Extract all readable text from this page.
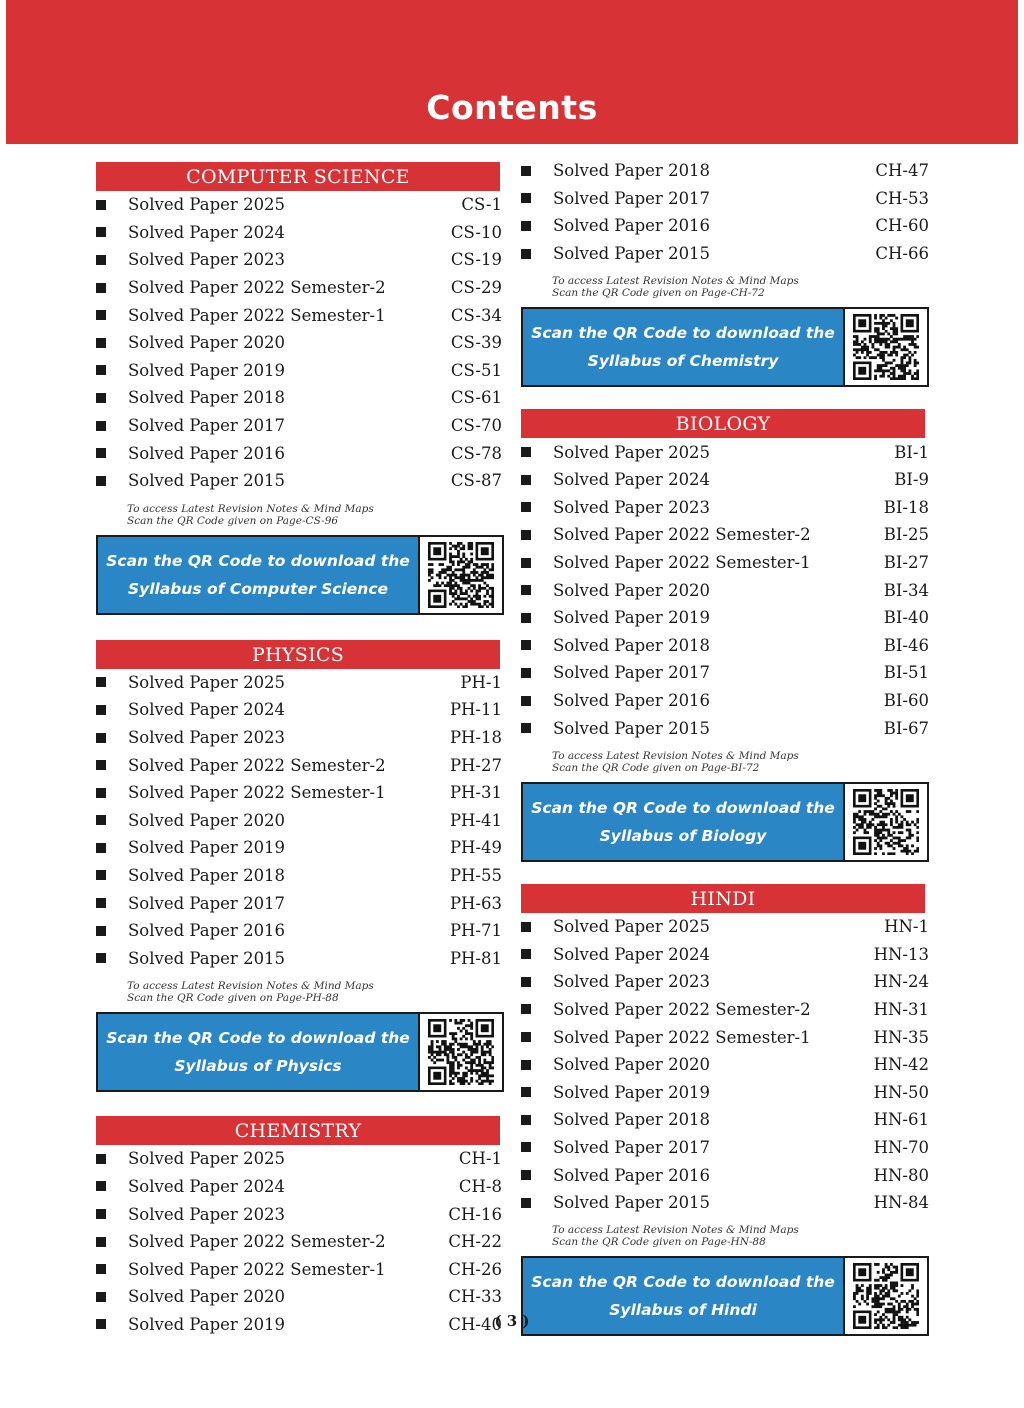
Contents
COMPUTER SCIENCE
Solved Paper 2025	CS-1
Solved Paper 2024	CS-10
Solved Paper 2023	CS-19
Solved Paper 2022 Semester-2	CS-29
Solved Paper 2022 Semester-1	CS-34
Solved Paper 2020	CS-39
Solved Paper 2019	CS-51
Solved Paper 2018	CS-61
Solved Paper 2017	CS-70
Solved Paper 2016	CS-78
Solved Paper 2015	CS-87
To access Latest Revision Notes & Mind Maps
Scan the QR Code given on Page-CS-96
Scan the QR Code to download the
Syllabus of Computer Science
PHYSICS
Solved Paper 2025	PH-1
Solved Paper 2024	PH-11
Solved Paper 2023	PH-18
Solved Paper 2022 Semester-2	PH-27
Solved Paper 2022 Semester-1	PH-31
Solved Paper 2020	PH-41
Solved Paper 2019	PH-49
Solved Paper 2018	PH-55
Solved Paper 2017	PH-63
Solved Paper 2016	PH-71
Solved Paper 2015	PH-81
To access Latest Revision Notes & Mind Maps
Scan the QR Code given on Page-PH-88
Scan the QR Code to download the
Syllabus of Physics
CHEMISTRY
Solved Paper 2025	CH-1
Solved Paper 2024	CH-8
Solved Paper 2023	CH-16
Solved Paper 2022 Semester-2	CH-22
Solved Paper 2022 Semester-1	CH-26
Solved Paper 2020	CH-33
Solved Paper 2019	CH-40
Solved Paper 2018	CH-47
Solved Paper 2017	CH-53
Solved Paper 2016	CH-60
Solved Paper 2015	CH-66
To access Latest Revision Notes & Mind Maps
Scan the QR Code given on Page-CH-72
Scan the QR Code to download the
Syllabus of Chemistry
BIOLOGY
Solved Paper 2025	BI-1
Solved Paper 2024	BI-9
Solved Paper 2023	BI-18
Solved Paper 2022 Semester-2	BI-25
Solved Paper 2022 Semester-1	BI-27
Solved Paper 2020	BI-34
Solved Paper 2019	BI-40
Solved Paper 2018	BI-46
Solved Paper 2017	BI-51
Solved Paper 2016	BI-60
Solved Paper 2015	BI-67
To access Latest Revision Notes & Mind Maps
Scan the QR Code given on Page-BI-72
Scan the QR Code to download the
Syllabus of Biology
HINDI
Solved Paper 2025	HN-1
Solved Paper 2024	HN-13
Solved Paper 2023	HN-24
Solved Paper 2022 Semester-2	HN-31
Solved Paper 2022 Semester-1	HN-35
Solved Paper 2020	HN-42
Solved Paper 2019	HN-50
Solved Paper 2018	HN-61
Solved Paper 2017	HN-70
Solved Paper 2016	HN-80
Solved Paper 2015	HN-84
To access Latest Revision Notes & Mind Maps
Scan the QR Code given on Page-HN-88
Scan the QR Code to download the
Syllabus of Hindi
( 3 )
